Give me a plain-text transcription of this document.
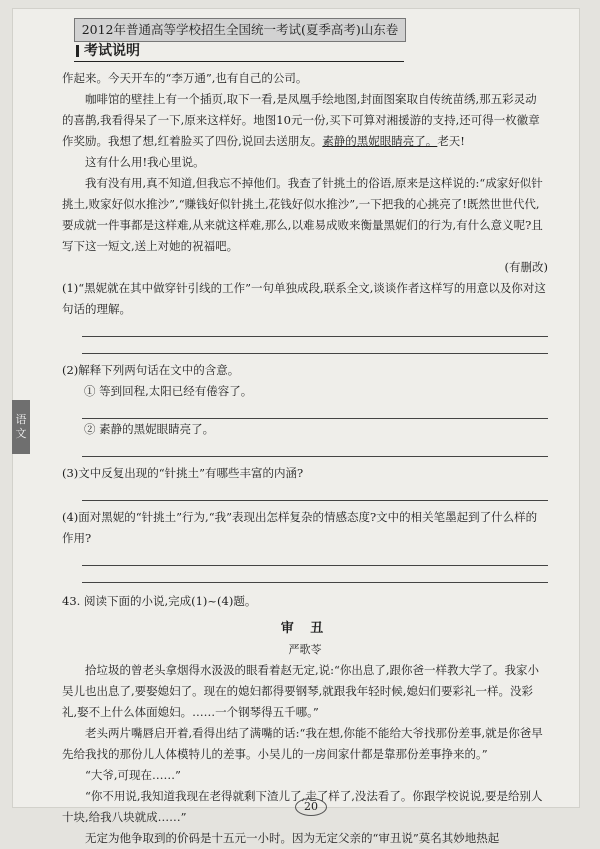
2012年普通高等学校招生全国统一考试(夏季高考)山东卷
考试说明
语
文

作起来。今天开车的“李万通”,也有自己的公司。

咖啡馆的壁挂上有一个插页,取下一看,是凤凰手绘地图,封面图案取自传统苗绣,那五彩灵动的喜鹊,我看得呆了一下,原来这样好。地图10元一份,买下可算对湘援游的支持,还可得一枚徽章作奖励。我想了想,红着脸买了四份,说回去送朋友。素静的黑妮眼睛亮了。老天!

这有什么用!我心里说。

我有没有用,真不知道,但我忘不掉他们。我查了针挑土的俗语,原来是这样说的:“成家好似针挑土,败家好似水推沙”,“赚钱好似针挑土,花钱好似水推沙”,一下把我的心挑亮了!既然世世代代,要成就一件事都是这样难,从来就这样难,那么,以难易成败来衡量黑妮们的行为,有什么意义呢?且写下这一短文,送上对她的祝福吧。

(有删改)

(1)“黑妮就在其中做穿针引线的工作”一句单独成段,联系全文,谈谈作者这样写的用意以及你对这句话的理解。

(2)解释下列两句话在文中的含意。

① 等到回程,太阳已经有倦容了。

② 素静的黑妮眼睛亮了。

(3)文中反复出现的“针挑土”有哪些丰富的内涵?

(4)面对黑妮的“针挑土”行为,“我”表现出怎样复杂的情感态度?文中的相关笔墨起到了什么样的作用?

43. 阅读下面的小说,完成(1)~(4)题。

审 丑

严歌苓

拾垃圾的曾老头拿烟得水汲汲的眼看着赵无定,说:“你出息了,跟你爸一样教大学了。我家小吴儿也出息了,要娶媳妇了。现在的媳妇都得要钢琴,就跟我年轻时候,媳妇们要彩礼一样。没彩礼,娶不上什么体面媳妇。……一个钢琴得五千哪。”

老头两片嘴唇启开着,看得出结了满嘴的话:“我在想,你能不能给大爷找那份差事,就是你爸早先给我找的那份儿人体模特儿的差事。小吴儿的一房间家什都是靠那份差事挣来的。”

“大爷,可现在……”

“你不用说,我知道我现在老得就剩下渣儿了,走了样了,没法看了。你跟学校说说,要是给别人十块,给我八块就成……”

无定为他争取到的价码是十五元一小时。因为无定父亲的“审丑说”莫名其妙地热起

20
